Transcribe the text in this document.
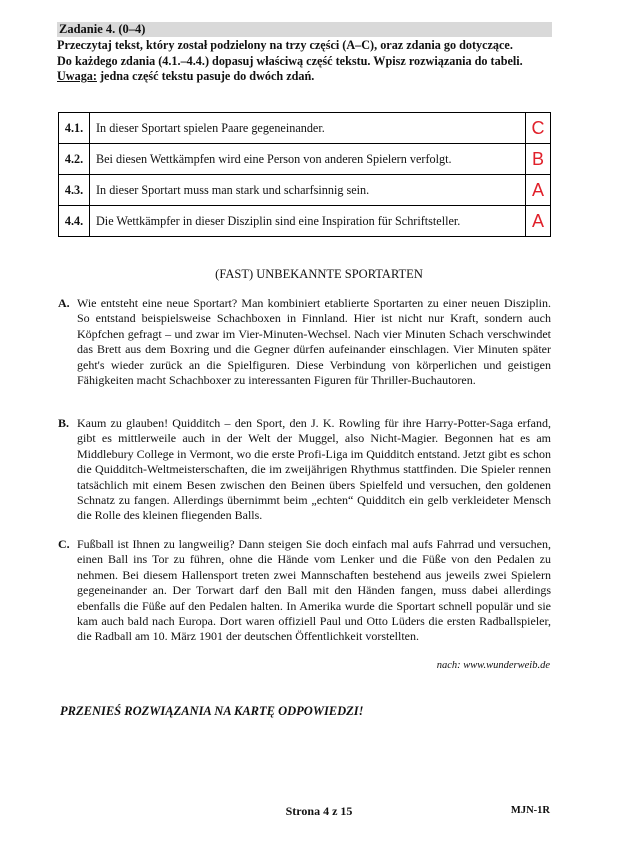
Zadanie 4. (0–4)
Przeczytaj tekst, który został podzielony na trzy części (A–C), oraz zdania go dotyczące.
Do każdego zdania (4.1.–4.4.) dopasuj właściwą część tekstu. Wpisz rozwiązania do tabeli.
Uwaga: jedna część tekstu pasuje do dwóch zdań.
4.1.	In dieser Sportart spielen Paare gegeneinander.	C
4.2.	Bei diesen Wettkämpfen wird eine Person von anderen Spielern verfolgt.	B
4.3.	In dieser Sportart muss man stark und scharfsinnig sein.	A
4.4.	Die Wettkämpfer in dieser Disziplin sind eine Inspiration für Schriftsteller.	A
(FAST) UNBEKANNTE SPORTARTEN
A. Wie entsteht eine neue Sportart? Man kombiniert etablierte Sportarten zu einer neuen Disziplin. So entstand beispielsweise Schachboxen in Finnland. Hier ist nicht nur Kraft, sondern auch Köpfchen gefragt – und zwar im Vier-Minuten-Wechsel. Nach vier Minuten Schach verschwindet das Brett aus dem Boxring und die Gegner dürfen aufeinander einschlagen. Vier Minuten später geht's wieder zurück an die Spielfiguren. Diese Verbindung von körperlichen und geistigen Fähigkeiten macht Schachboxer zu interessanten Figuren für Thriller-Buchautoren.
B. Kaum zu glauben! Quidditch – den Sport, den J. K. Rowling für ihre Harry-Potter-Saga erfand, gibt es mittlerweile auch in der Welt der Muggel, also Nicht-Magier. Begonnen hat es am Middlebury College in Vermont, wo die erste Profi-Liga im Quidditch entstand. Jetzt gibt es schon die Quidditch-Weltmeisterschaften, die im zweijährigen Rhythmus stattfinden. Die Spieler rennen tatsächlich mit einem Besen zwischen den Beinen übers Spielfeld und versuchen, den goldenen Schnatz zu fangen. Allerdings übernimmt beim „echten“ Quidditch ein gelb verkleideter Mensch die Rolle des kleinen fliegenden Balls.
C. Fußball ist Ihnen zu langweilig? Dann steigen Sie doch einfach mal aufs Fahrrad und versuchen, einen Ball ins Tor zu führen, ohne die Hände vom Lenker und die Füße von den Pedalen zu nehmen. Bei diesem Hallensport treten zwei Mannschaften bestehend aus jeweils zwei Spielern gegeneinander an. Der Torwart darf den Ball mit den Händen fangen, muss dabei allerdings ebenfalls die Füße auf den Pedalen halten. In Amerika wurde die Sportart schnell populär und sie kam auch bald nach Europa. Dort waren offiziell Paul und Otto Lüders die ersten Radballspieler, die Radball am 10. März 1901 der deutschen Öffentlichkeit vorstellten.
nach: www.wunderweib.de
PRZENIEŚ ROZWIĄZANIA NA KARTĘ ODPOWIEDZI!
Strona 4 z 15	MJN-1R
